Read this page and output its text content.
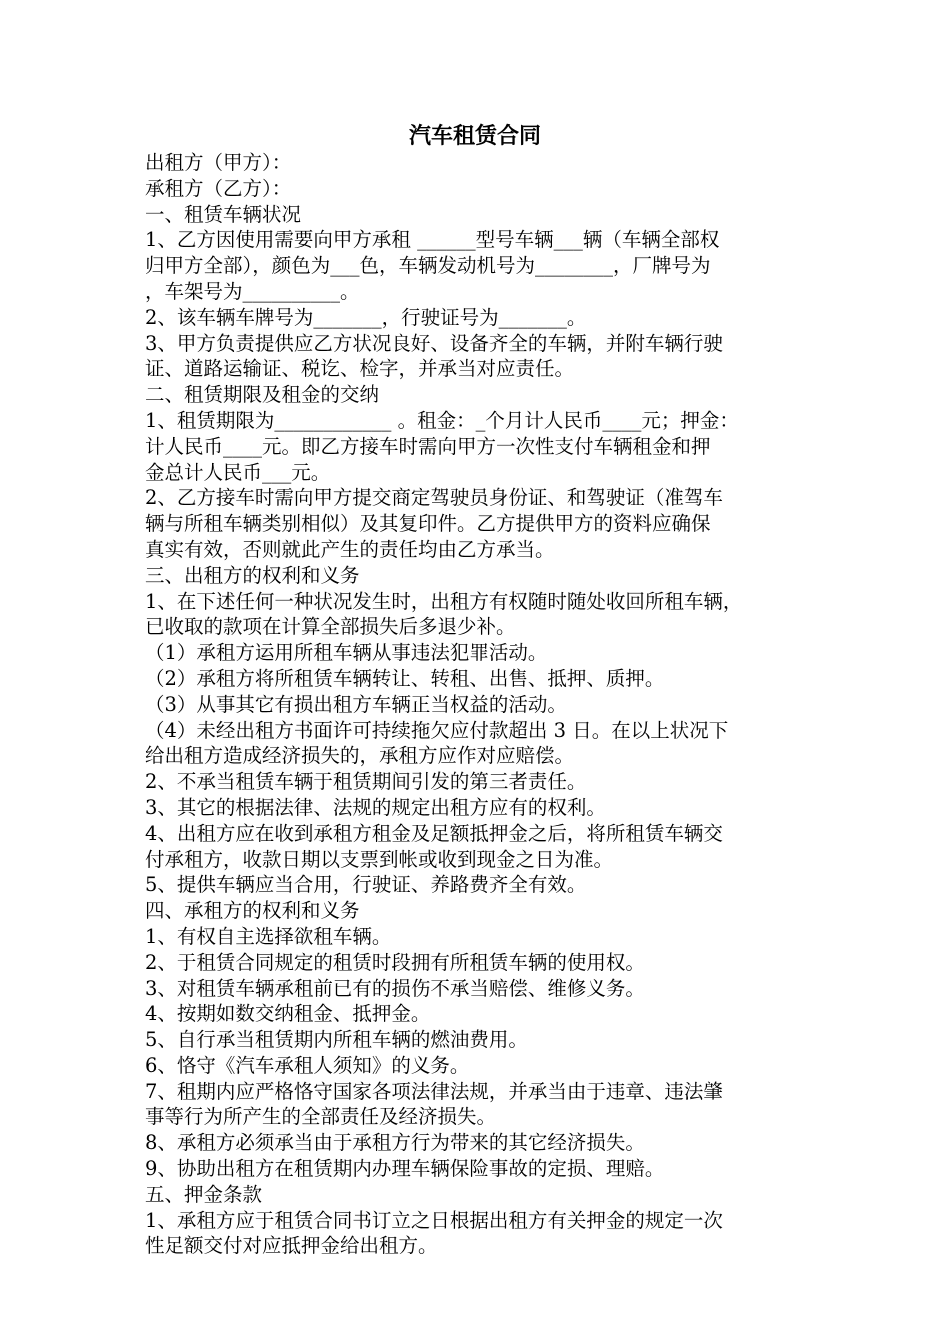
汽车租赁合同
出租方（甲方）：
承租方（乙方）：
一、租赁车辆状况
1、乙方因使用需要向甲方承租 ______型号车辆___辆（车辆全部权
归甲方全部），颜色为___色，车辆发动机号为________，厂牌号为
，车架号为__________。
2、该车辆车牌号为_______，行驶证号为_______。
3、甲方负责提供应乙方状况良好、设备齐全的车辆，并附车辆行驶
证、道路运输证、税讫、检字，并承当对应责任。
二、租赁期限及租金的交纳
1、租赁期限为____________ 。租金：_个月计人民币____元；押金：
计人民币____元。即乙方接车时需向甲方一次性支付车辆租金和押
金总计人民币___元。
2、乙方接车时需向甲方提交商定驾驶员身份证、和驾驶证（准驾车
辆与所租车辆类别相似）及其复印件。乙方提供甲方的资料应确保
真实有效，否则就此产生的责任均由乙方承当。
三、出租方的权利和义务
1、在下述任何一种状况发生时，出租方有权随时随处收回所租车辆，
已收取的款项在计算全部损失后多退少补。
（1）承租方运用所租车辆从事违法犯罪活动。
（2）承租方将所租赁车辆转让、转租、出售、抵押、质押。
（3）从事其它有损出租方车辆正当权益的活动。
（4）未经出租方书面许可持续拖欠应付款超出 3 日。在以上状况下
给出租方造成经济损失的，承租方应作对应赔偿。
2、不承当租赁车辆于租赁期间引发的第三者责任。
3、其它的根据法律、法规的规定出租方应有的权利。
4、出租方应在收到承租方租金及足额抵押金之后，将所租赁车辆交
付承租方，收款日期以支票到帐或收到现金之日为准。
5、提供车辆应当合用，行驶证、养路费齐全有效。
四、承租方的权利和义务
1、有权自主选择欲租车辆。
2、于租赁合同规定的租赁时段拥有所租赁车辆的使用权。
3、对租赁车辆承租前已有的损伤不承当赔偿、维修义务。
4、按期如数交纳租金、抵押金。
5、自行承当租赁期内所租车辆的燃油费用。
6、恪守《汽车承租人须知》的义务。
7、租期内应严格恪守国家各项法律法规，并承当由于违章、违法肇
事等行为所产生的全部责任及经济损失。
8、承租方必须承当由于承租方行为带来的其它经济损失。
9、协助出租方在租赁期内办理车辆保险事故的定损、理赔。
五、押金条款
1、承租方应于租赁合同书订立之日根据出租方有关押金的规定一次
性足额交付对应抵押金给出租方。
